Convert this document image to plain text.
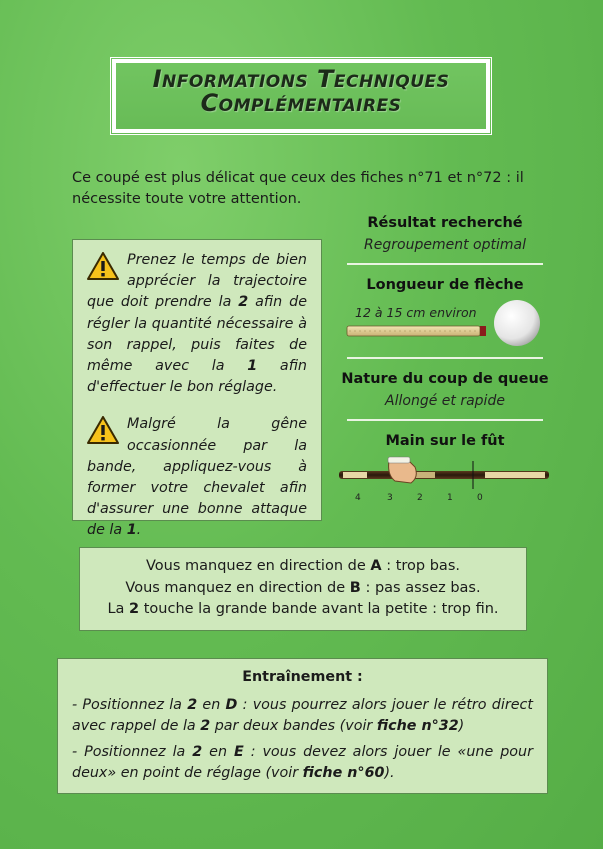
Informations Techniques
Complémentaires
Ce coupé est plus délicat que ceux des fiches n°71 et n°72 : il nécessite toute votre attention.
Prenez le temps de bien apprécier la trajectoire que doit prendre la 2 afin de régler la quantité nécessaire à son rappel, puis faites de même avec la 1 afin d'effectuer le bon réglage.
Malgré la gêne occasionnée par la bande, appliquez-vous à former votre chevalet afin d'assurer une bonne attaque de la 1.
Résultat recherché
Regroupement optimal
Longueur de flèche
12 à 15 cm environ
Nature du coup de queue
Allongé et rapide
Main sur le fût
4	3	2	1	0
Vous manquez en direction de A : trop bas.
Vous manquez en direction de B : pas assez bas.
La 2 touche la grande bande avant la petite : trop fin.
Entraînement :
- Positionnez la 2 en D : vous pourrez alors jouer le rétro direct avec rappel de la 2 par deux bandes (voir fiche n°32)
- Positionnez la 2 en E : vous devez alors jouer le «une pour deux» en point de réglage (voir fiche n°60).
